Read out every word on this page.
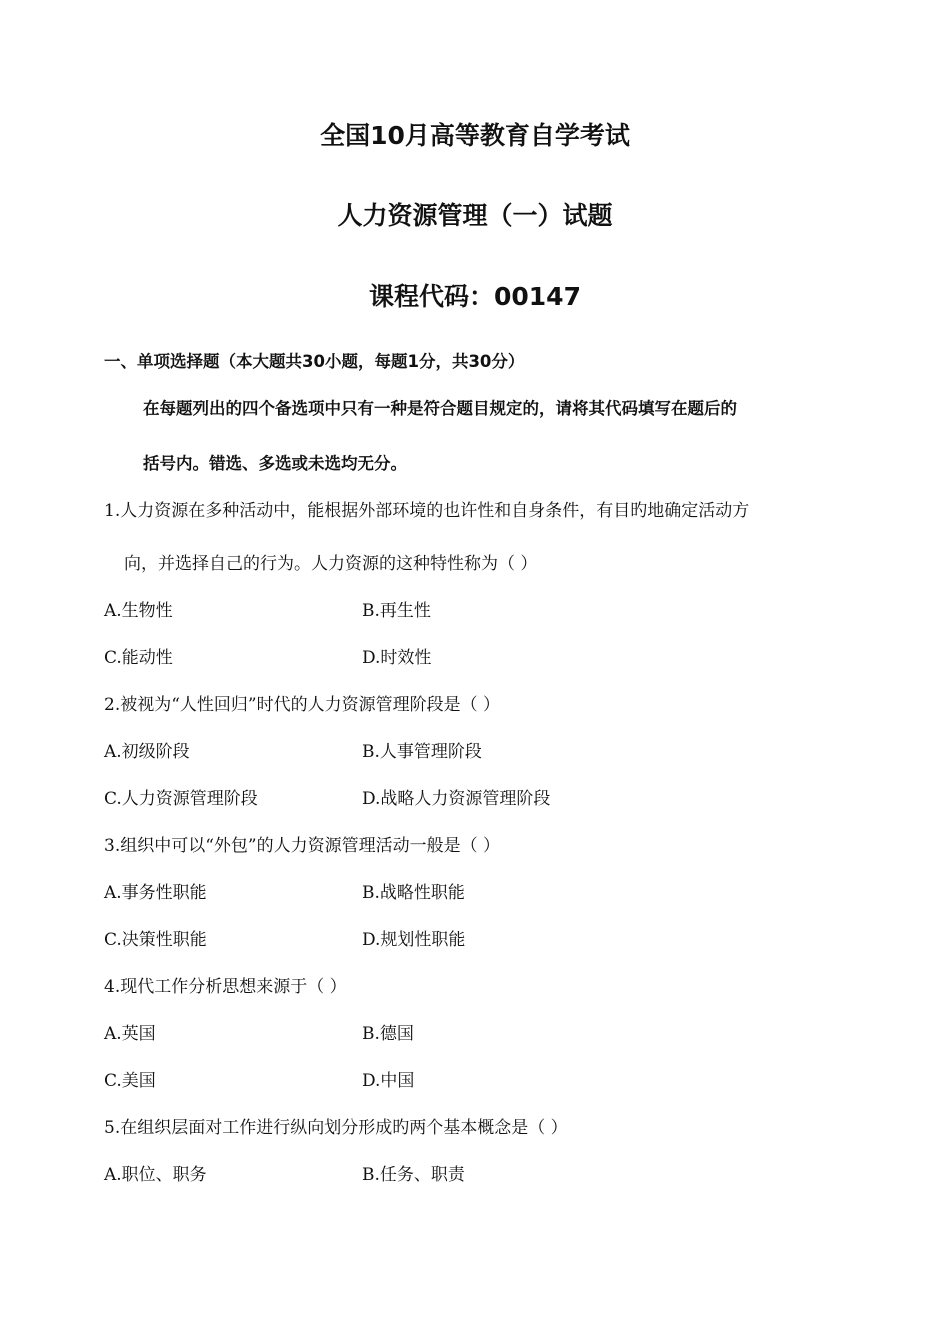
全国10月高等教育自学考试
人力资源管理（一）试题
课程代码：00147
一、单项选择题（本大题共30小题，每题1分，共30分）
在每题列出的四个备选项中只有一种是符合题目规定的，请将其代码填写在题后的
括号内。错选、多选或未选均无分。
1.人力资源在多种活动中，能根据外部环境的也许性和自身条件，有目旳地确定活动方
向，并选择自己的行为。人力资源的这种特性称为（ ）
A.生物性	B.再生性
C.能动性	D.时效性
2.被视为“人性回归”时代的人力资源管理阶段是（ ）
A.初级阶段	B.人事管理阶段
C.人力资源管理阶段	D.战略人力资源管理阶段
3.组织中可以“外包”的人力资源管理活动一般是（ ）
A.事务性职能	B.战略性职能
C.决策性职能	D.规划性职能
4.现代工作分析思想来源于（ ）
A.英国	B.德国
C.美国	D.中国
5.在组织层面对工作进行纵向划分形成旳两个基本概念是（ ）
A.职位、职务	B.任务、职责
